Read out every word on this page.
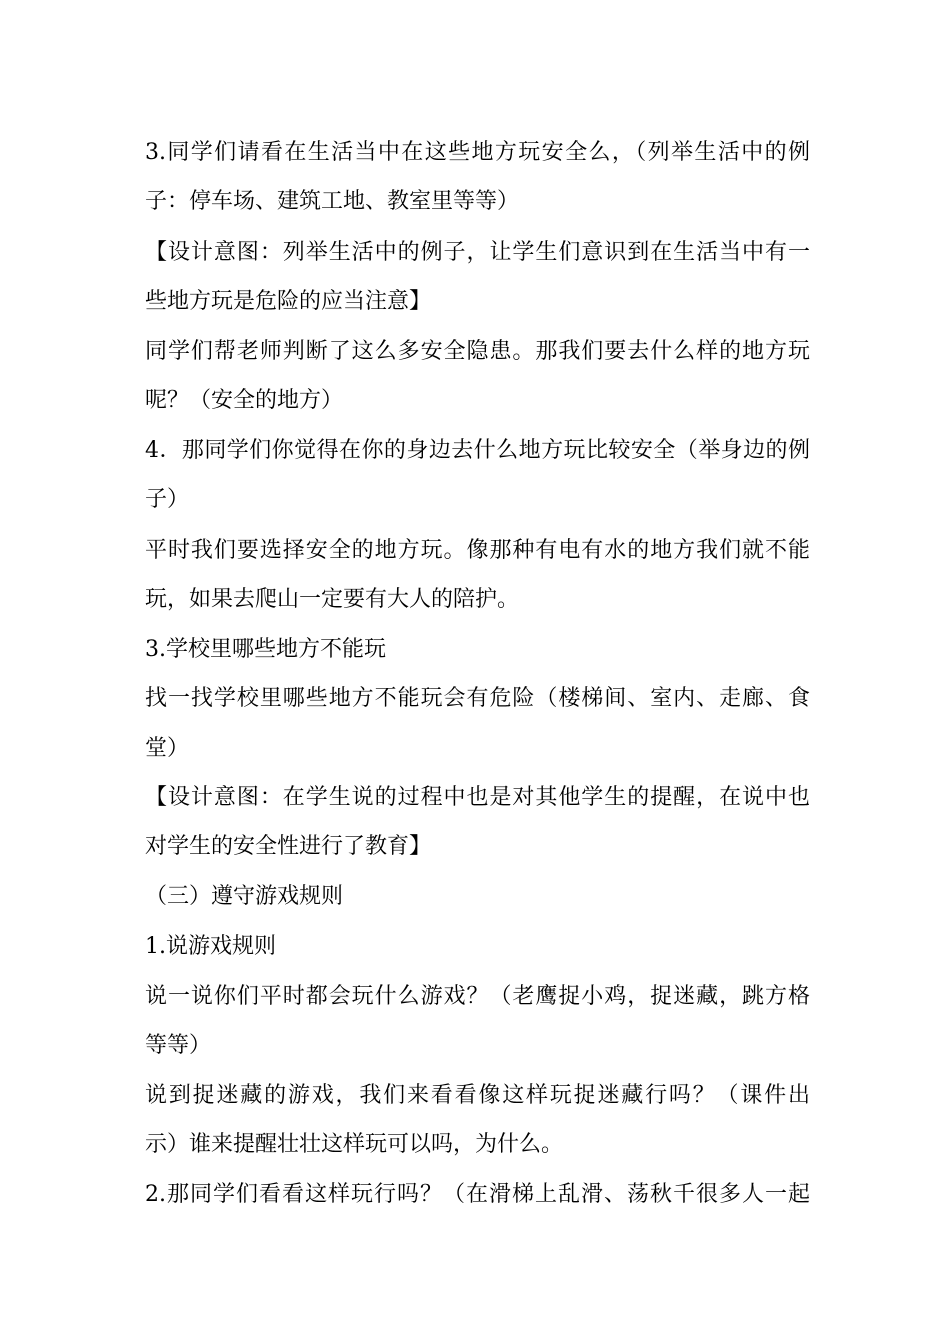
3.同学们请看在生活当中在这些地方玩安全么，（列举生活中的例
子：停车场、建筑工地、教室里等等）
【设计意图：列举生活中的例子，让学生们意识到在生活当中有一
些地方玩是危险的应当注意】
同学们帮老师判断了这么多安全隐患。那我们要去什么样的地方玩
呢？（安全的地方）
4．那同学们你觉得在你的身边去什么地方玩比较安全（举身边的例
子）
平时我们要选择安全的地方玩。像那种有电有水的地方我们就不能
玩，如果去爬山一定要有大人的陪护。
3.学校里哪些地方不能玩
找一找学校里哪些地方不能玩会有危险（楼梯间、室内、走廊、食
堂）
【设计意图：在学生说的过程中也是对其他学生的提醒，在说中也
对学生的安全性进行了教育】
（三）遵守游戏规则
1.说游戏规则
说一说你们平时都会玩什么游戏？（老鹰捉小鸡，捉迷藏，跳方格
等等）
说到捉迷藏的游戏，我们来看看像这样玩捉迷藏行吗？（课件出
示）谁来提醒壮壮这样玩可以吗，为什么。
2.那同学们看看这样玩行吗？（在滑梯上乱滑、荡秋千很多人一起
